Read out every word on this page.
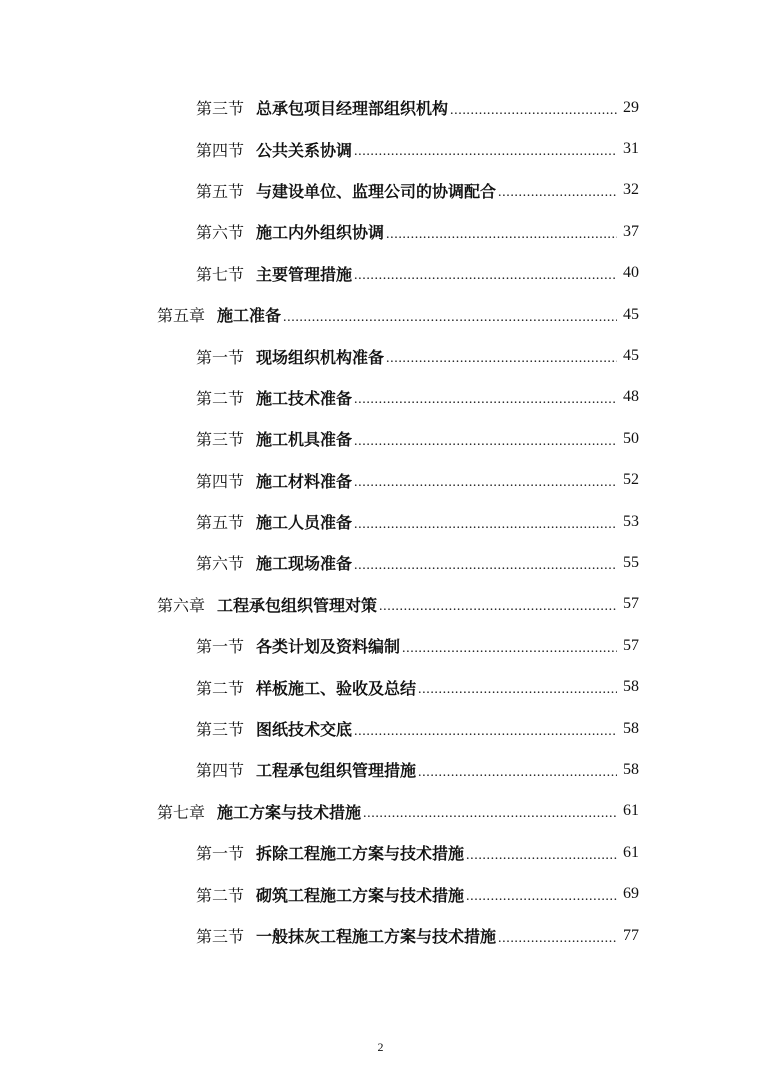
第三节 总承包项目经理部组织机构 .....	29
第四节 公共关系协调 .....	31
第五节 与建设单位、监理公司的协调配合 .....	32
第六节 施工内外组织协调 .....	37
第七节 主要管理措施 .....	40
第五章 施工准备 .....	45
第一节 现场组织机构准备 .....	45
第二节 施工技术准备 .....	48
第三节 施工机具准备 .....	50
第四节 施工材料准备 .....	52
第五节 施工人员准备 .....	53
第六节 施工现场准备 .....	55
第六章 工程承包组织管理对策 .....	57
第一节 各类计划及资料编制 .....	57
第二节 样板施工、验收及总结 .....	58
第三节 图纸技术交底 .....	58
第四节 工程承包组织管理措施 .....	58
第七章 施工方案与技术措施 .....	61
第一节 拆除工程施工方案与技术措施 .....	61
第二节 砌筑工程施工方案与技术措施 .....	69
第三节 一般抹灰工程施工方案与技术措施 .....	77
2
